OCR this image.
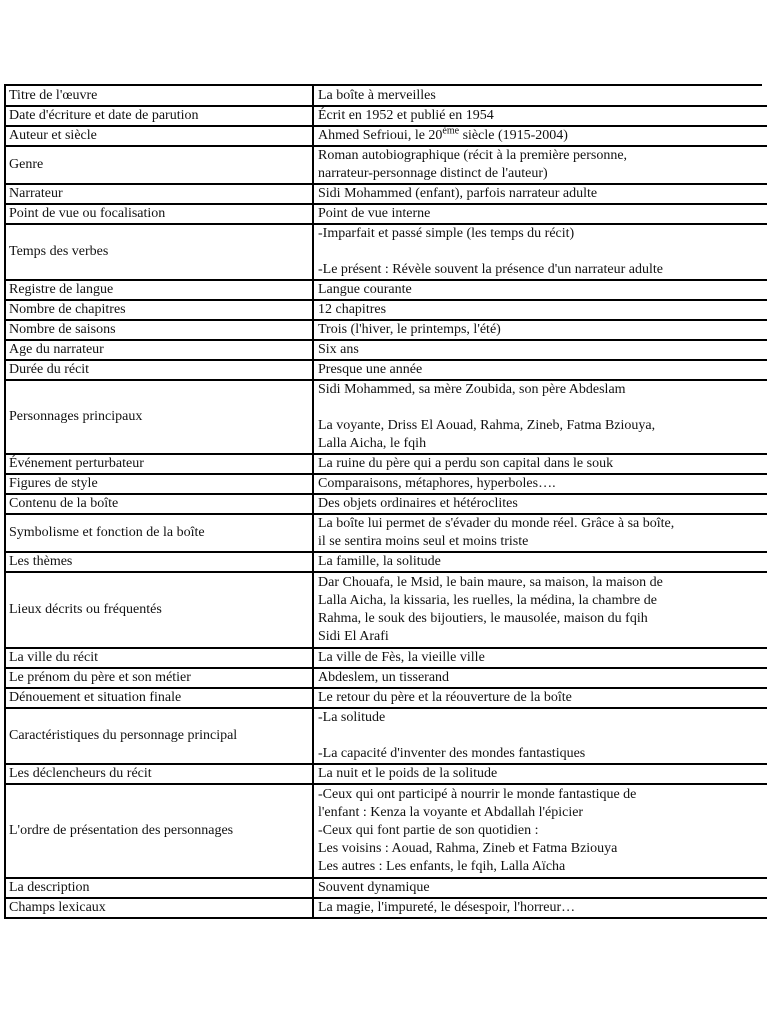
Titre de l'œuvre	La boîte à merveilles

Date d'écriture et date de parution	Écrit en 1952 et publié en 1954

Auteur et siècle	Ahmed Sefrioui, le 20ème siècle (1915-2004)

Genre	Roman autobiographique (récit à la première personne,
narrateur-personnage distinct de l'auteur)

Narrateur	Sidi Mohammed (enfant), parfois narrateur adulte

Point de vue ou focalisation	Point de vue interne

Temps des verbes	-Imparfait et passé simple (les temps du récit)
-Le présent : Révèle souvent la présence d'un narrateur adulte

Registre de langue	Langue courante

Nombre de chapitres	12 chapitres

Nombre de saisons	Trois (l'hiver, le printemps, l'été)

Age du narrateur	Six ans

Durée du récit	Presque une année

Personnages principaux	Sidi Mohammed, sa mère Zoubida, son père Abdeslam
La voyante, Driss El Aouad, Rahma, Zineb, Fatma Bziouya,
Lalla Aicha, le fqih

Événement perturbateur	La ruine du père qui a perdu son capital dans le souk

Figures de style	Comparaisons, métaphores, hyperboles….

Contenu de la boîte	Des objets ordinaires et hétéroclites

Symbolisme et fonction de la boîte	La boîte lui permet de s'évader du monde réel. Grâce à sa boîte,
il se sentira moins seul et moins triste

Les thèmes	La famille, la solitude

Lieux décrits ou fréquentés	Dar Chouafa, le Msid, le bain maure, sa maison, la maison de
Lalla Aicha, la kissaria, les ruelles, la médina, la chambre de
Rahma, le souk des bijoutiers, le mausolée, maison du fqih
Sidi El Arafi

La ville du récit	La ville de Fès, la vieille ville

Le prénom du père et son métier	Abdeslem, un tisserand

Dénouement et situation finale	Le retour du père et la réouverture de la boîte

Caractéristiques du personnage principal	-La solitude
-La capacité d'inventer des mondes fantastiques

Les déclencheurs du récit	La nuit et le poids de la solitude

L'ordre de présentation des personnages	-Ceux qui ont participé à nourrir le monde fantastique de
l'enfant : Kenza la voyante et Abdallah l'épicier
-Ceux qui font partie de son quotidien :
Les voisins : Aouad, Rahma, Zineb et Fatma Bziouya
Les autres : Les enfants, le fqih, Lalla Aïcha

La description	Souvent dynamique

Champs lexicaux	La magie, l'impureté, le désespoir, l'horreur…
